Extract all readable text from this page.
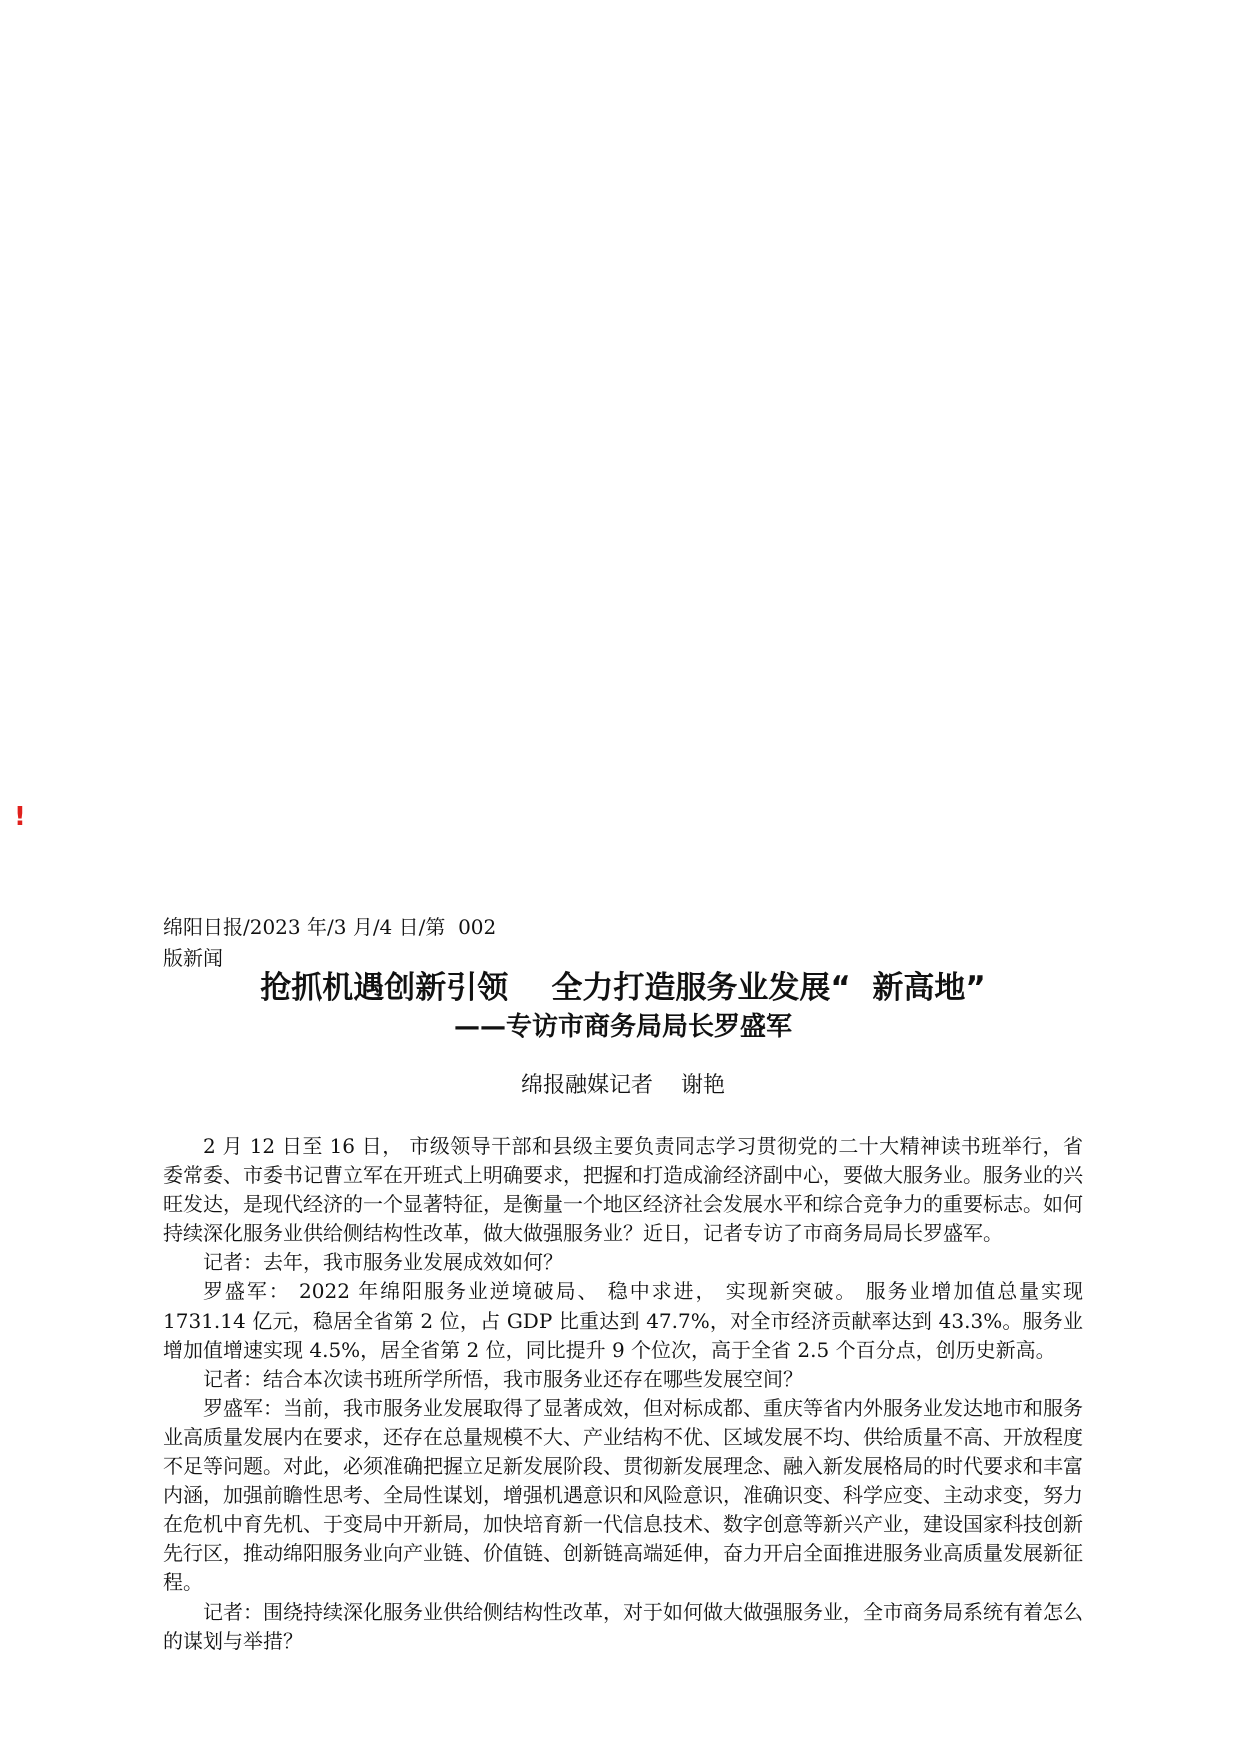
!
绵阳日报/2023 年/3 月/4 日/第  002
版新闻
抢抓机遇创新引领    全力打造服务业发展“  新高地”
——专访市商务局局长罗盛军
绵报融媒记者    谢艳

2 月 12 日至 16 日， 市级领导干部和县级主要负责同志学习贯彻党的二十大精神读书班举行，省委常委、市委书记曹立军在开班式上明确要求，把握和打造成渝经济副中心，要做大服务业。服务业的兴旺发达，是现代经济的一个显著特征，是衡量一个地区经济社会发展水平和综合竞争力的重要标志。如何持续深化服务业供给侧结构性改革，做大做强服务业？近日，记者专访了市商务局局长罗盛军。

记者：去年，我市服务业发展成效如何？

罗盛军： 2022 年绵阳服务业逆境破局、 稳中求进， 实现新突破。 服务业增加值总量实现 1731.14 亿元，稳居全省第 2 位，占 GDP 比重达到 47.7%，对全市经济贡献率达到 43.3%。服务业增加值增速实现 4.5%，居全省第 2 位，同比提升 9 个位次，高于全省 2.5 个百分点，创历史新高。

记者：结合本次读书班所学所悟，我市服务业还存在哪些发展空间？

罗盛军：当前，我市服务业发展取得了显著成效，但对标成都、重庆等省内外服务业发达地市和服务业高质量发展内在要求，还存在总量规模不大、产业结构不优、区域发展不均、供给质量不高、开放程度不足等问题。对此，必须准确把握立足新发展阶段、贯彻新发展理念、融入新发展格局的时代要求和丰富内涵，加强前瞻性思考、全局性谋划，增强机遇意识和风险意识，准确识变、科学应变、主动求变，努力在危机中育先机、于变局中开新局，加快培育新一代信息技术、数字创意等新兴产业，建设国家科技创新先行区，推动绵阳服务业向产业链、价值链、创新链高端延伸，奋力开启全面推进服务业高质量发展新征程。

记者：围绕持续深化服务业供给侧结构性改革，对于如何做大做强服务业，全市商务局系统有着怎么的谋划与举措？
